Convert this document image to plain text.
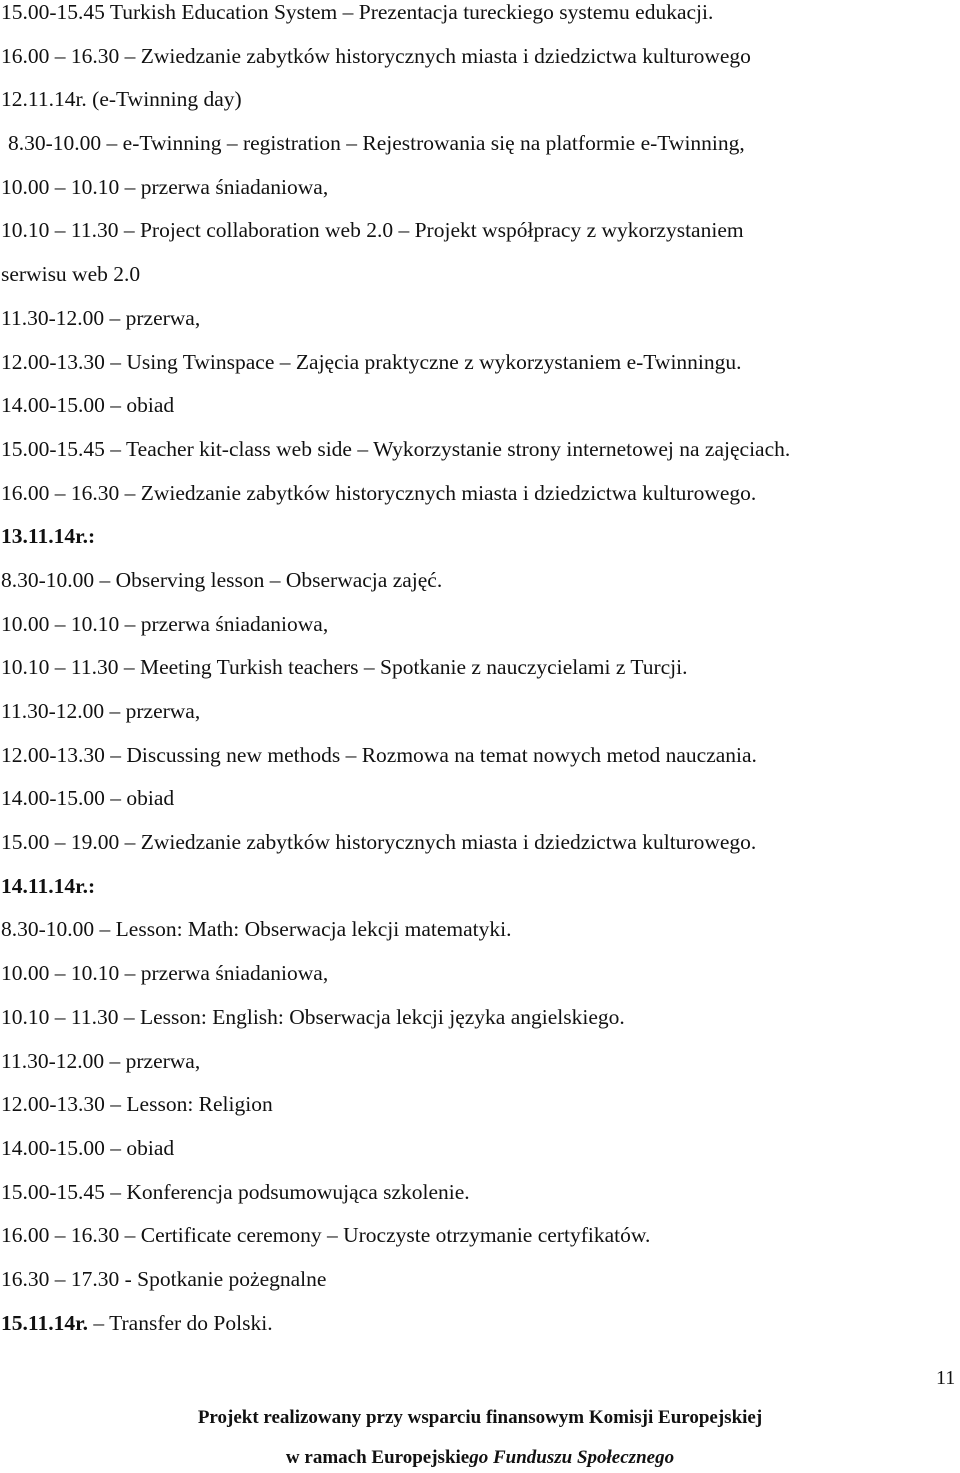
15.00-15.45 Turkish Education System – Prezentacja tureckiego systemu edukacji.
16.00 – 16.30 – Zwiedzanie zabytków historycznych miasta i dziedzictwa kulturowego
12.11.14r. (e-Twinning day)
8.30-10.00 – e-Twinning – registration – Rejestrowania się na platformie e-Twinning,
10.00 – 10.10 – przerwa śniadaniowa,
10.10 – 11.30 – Project collaboration web 2.0 – Projekt współpracy z wykorzystaniem
serwisu web 2.0
11.30-12.00 – przerwa,
12.00-13.30 – Using Twinspace – Zajęcia praktyczne z wykorzystaniem e-Twinningu.
14.00-15.00 – obiad
15.00-15.45 – Teacher kit-class web side – Wykorzystanie strony internetowej na zajęciach.
16.00 – 16.30 – Zwiedzanie zabytków historycznych miasta i dziedzictwa kulturowego.
13.11.14r.:
8.30-10.00 – Observing lesson – Obserwacja zajęć.
10.00 – 10.10 – przerwa śniadaniowa,
10.10 – 11.30 – Meeting Turkish teachers – Spotkanie z nauczycielami z Turcji.
11.30-12.00 – przerwa,
12.00-13.30 – Discussing new methods – Rozmowa na temat nowych metod nauczania.
14.00-15.00 – obiad
15.00 – 19.00 – Zwiedzanie zabytków historycznych miasta i dziedzictwa kulturowego.
14.11.14r.:
8.30-10.00 – Lesson: Math: Obserwacja lekcji matematyki.
10.00 – 10.10 – przerwa śniadaniowa,
10.10 – 11.30 – Lesson: English: Obserwacja lekcji języka angielskiego.
11.30-12.00 – przerwa,
12.00-13.30 – Lesson: Religion
14.00-15.00 – obiad
15.00-15.45 – Konferencja podsumowująca szkolenie.
16.00 – 16.30 – Certificate ceremony – Uroczyste otrzymanie certyfikatów.
16.30 – 17.30 - Spotkanie pożegnalne
15.11.14r. – Transfer do Polski.
11
Projekt realizowany przy wsparciu finansowym Komisji Europejskiej
w ramach Europejskiego Funduszu Społecznego
